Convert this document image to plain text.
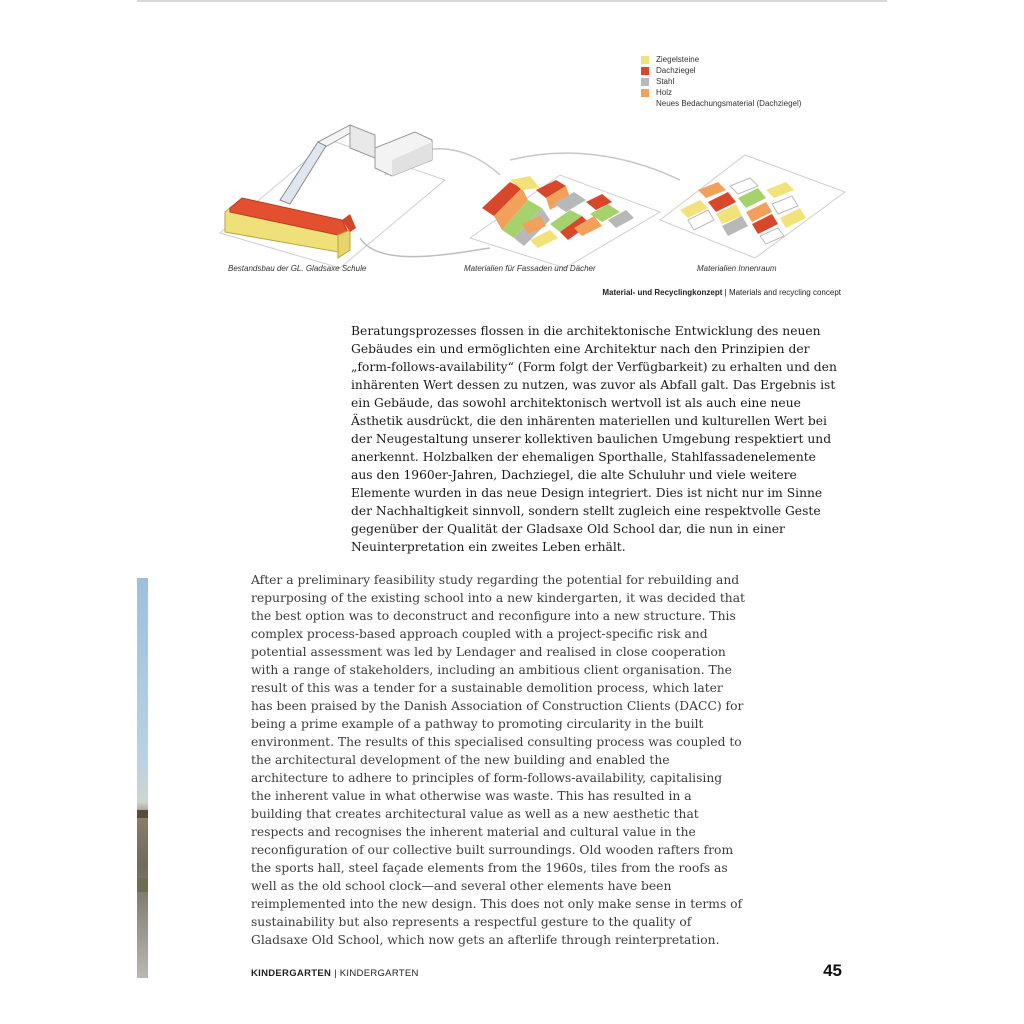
Ziegelsteine
Dachziegel
Stahl
Holz
Neues Bedachungsmaterial (Dachziegel)
Bestandsbau der GL. Gladsaxe Schule	Materialien für Fassaden und Dächer	Materialien Innenraum
Material- und Recyclingkonzept | Materials and recycling concept

Beratungsprozesses flossen in die architektonische Entwicklung des neuen Gebäudes ein und ermöglichten eine Architektur nach den Prinzipien der „form-follows-availability“ (Form folgt der Verfügbarkeit) zu erhalten und den inhärenten Wert dessen zu nutzen, was zuvor als Abfall galt. Das Ergebnis ist ein Gebäude, das sowohl architektonisch wertvoll ist als auch eine neue Ästhetik ausdrückt, die den inhärenten materiellen und kulturellen Wert bei der Neugestaltung unserer kollektiven baulichen Umgebung respektiert und anerkennt. Holzbalken der ehemaligen Sporthalle, Stahlfassadenelemente aus den 1960er-Jahren, Dachziegel, die alte Schuluhr und viele weitere Elemente wurden in das neue Design integriert. Dies ist nicht nur im Sinne der Nachhaltigkeit sinnvoll, sondern stellt zugleich eine respektvolle Geste gegenüber der Qualität der Gladsaxe Old School dar, die nun in einer Neuinterpretation ein zweites Leben erhält.

After a preliminary feasibility study regarding the potential for rebuilding and repurposing of the existing school into a new kindergarten, it was decided that the best option was to deconstruct and reconfigure into a new structure. This complex process-based approach coupled with a project-specific risk and potential assessment was led by Lendager and realised in close cooperation with a range of stakeholders, including an ambitious client organisation. The result of this was a tender for a sustainable demolition process, which later has been praised by the Danish Association of Construction Clients (DACC) for being a prime example of a pathway to promoting circularity in the built environment. The results of this specialised consulting process was coupled to the architectural development of the new building and enabled the architecture to adhere to principles of form-follows-availability, capitalising the inherent value in what otherwise was waste. This has resulted in a building that creates architectural value as well as a new aesthetic that respects and recognises the inherent material and cultural value in the reconfiguration of our collective built surroundings. Old wooden rafters from the sports hall, steel façade elements from the 1960s, tiles from the roofs as well as the old school clock—and several other elements have been reimplemented into the new design. This does not only make sense in terms of sustainability but also represents a respectful gesture to the quality of Gladsaxe Old School, which now gets an afterlife through reinterpretation.

KINDERGARTEN | KINDERGARTEN	45
